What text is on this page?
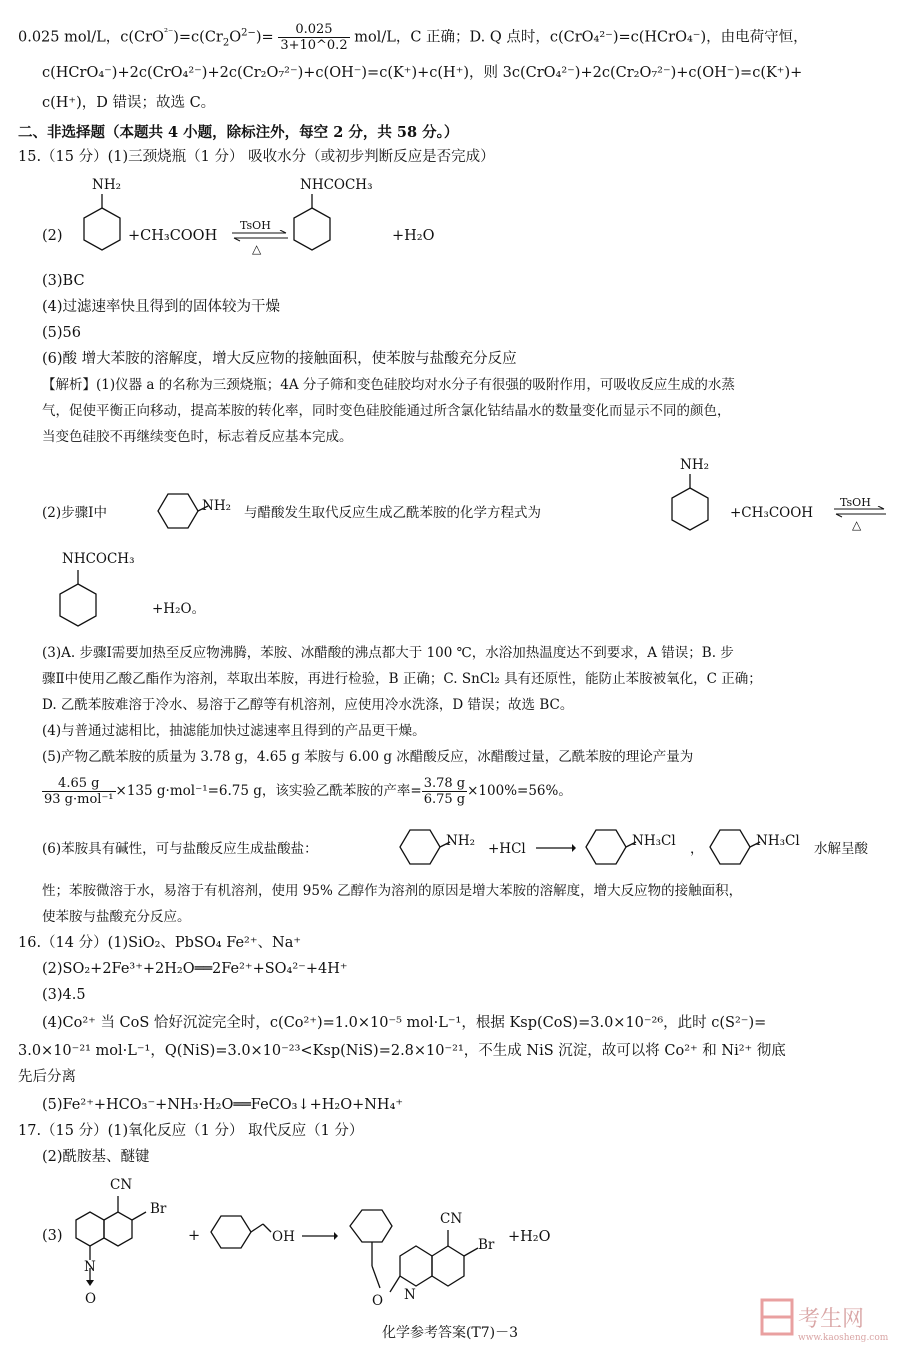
0.025 mol/L，$c(CrO^{^{2-}})=c(Cr_2O^{2-})= \frac{0.025}{3+10\^{}0.2} mol/L$，C 正确；D. Q 点时，c(CrO₄²⁻)=c(HCrO₄⁻)，由电荷守恒，
c(HCrO₄⁻)+2c(CrO₄²⁻)+2c(Cr₂O₇²⁻)+c(OH⁻)=c(K⁺)+c(H⁺)，则 3c(CrO₄²⁻)+2c(Cr₂O₇²⁻)+c(OH⁻)=c(K⁺)+
c(H⁺)，D 错误；故选 C。
二、非选择题（本题共 4 小题，除标注外，每空 2 分，共 58 分。）
15.（15 分）(1)三颈烧瓶（1 分） 吸收水分（或初步判断反应是否完成）
(2)
NH₂
+CH₃COOH
TsOH
△
NHCOCH₃
+H₂O
(3)BC
(4)过滤速率快且得到的固体较为干燥
(5)56
(6)酸 增大苯胺的溶解度，增大反应物的接触面积，使苯胺与盐酸充分反应
【解析】(1)仪器 a 的名称为三颈烧瓶；4A 分子筛和变色硅胶均对水分子有很强的吸附作用，可吸收反应生成的水蒸
气，促使平衡正向移动，提高苯胺的转化率，同时变色硅胶能通过所含氯化钴结晶水的数量变化而显示不同的颜色，
当变色硅胶不再继续变色时，标志着反应基本完成。
(2)步骤Ⅰ中	NH₂ 与醋酸发生取代反应生成乙酰苯胺的化学方程式为
NH₂
+CH₃COOH
TsOH
△
NHCOCH₃
+H₂O。
(3)A. 步骤Ⅰ需要加热至反应物沸腾，苯胺、冰醋酸的沸点都大于 100 ℃，水浴加热温度达不到要求，A 错误；B. 步
骤Ⅱ中使用乙酸乙酯作为溶剂，萃取出苯胺，再进行检验，B 正确；C. SnCl₂ 具有还原性，能防止苯胺被氧化，C 正确；
D. 乙酰苯胺难溶于冷水、易溶于乙醇等有机溶剂，应使用冷水洗涤，D 错误；故选 BC。
(4)与普通过滤相比，抽滤能加快过滤速率且得到的产品更干燥。
(5)产物乙酰苯胺的质量为 3.78 g，4.65 g 苯胺与 6.00 g 冰醋酸反应，冰醋酸过量，乙酰苯胺的理论产量为
$\frac{4.65 g}{\text{93 g·mol⁻¹}} \times 135$ g·mol⁻¹=6.75 g，该实验乙酰苯胺的产率= $\frac{3.78 g}{6.75 g} \times 100\%=56\%$。
(6)苯胺具有碱性，可与盐酸反应生成盐酸盐：	NH₂ +HCl	NH₃Cl ，	NH₃Cl 水解呈酸
性；苯胺微溶于水，易溶于有机溶剂，使用 95% 乙醇作为溶剂的原因是增大苯胺的溶解度，增大反应物的接触面积，
使苯胺与盐酸充分反应。
16.（14 分）(1)SiO₂、PbSO₄ Fe²⁺、Na⁺
(2)SO₂+2Fe³⁺+2H₂O══2Fe²⁺+SO₄²⁻+4H⁺
(3)4.5
(4)Co²⁺ 当 CoS 恰好沉淀完全时，c(Co²⁺)=1.0×10⁻⁵ mol·L⁻¹，根据 Ksp(CoS)=3.0×10⁻²⁶，此时 c(S²⁻)=
3.0×10⁻²¹ mol·L⁻¹，Q(NiS)=3.0×10⁻²³<Ksp(NiS)=2.8×10⁻²¹，不生成 NiS 沉淀，故可以将 Co²⁺ 和 Ni²⁺ 彻底
先后分离
(5)Fe²⁺+HCO₃⁻+NH₃·H₂O══FeCO₃↓+H₂O+NH₄⁺
17.（15 分）(1)氧化反应（1 分） 取代反应（1 分）
(2)酰胺基、醚键
(3)
CN
Br
N
O
+	OH
CN
Br
O N
+H₂O
考生网
www.kaosheng.com
化学参考答案(T7)－3
